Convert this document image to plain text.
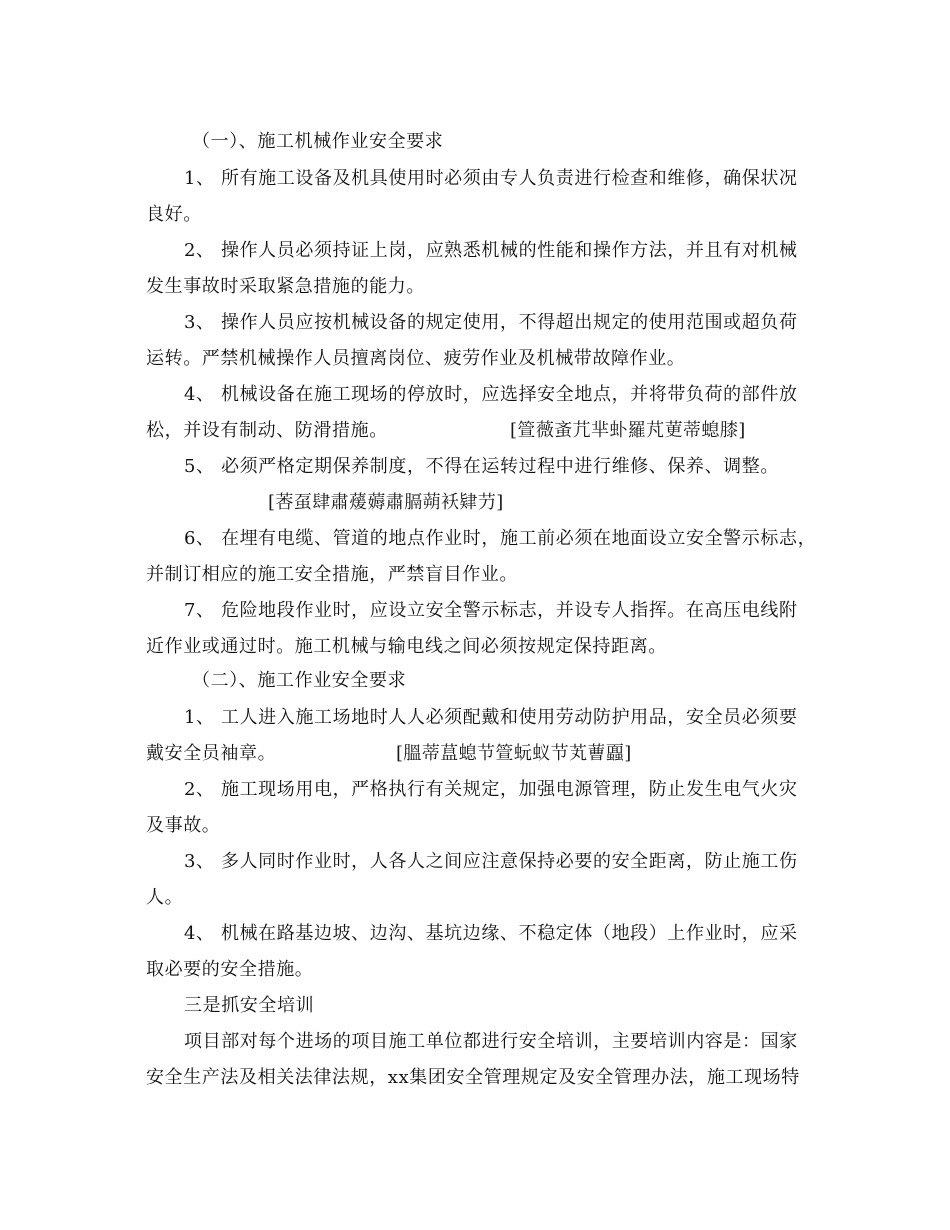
（一）、施工机械作业安全要求
1、 所有施工设备及机具使用时必须由专人负责进行检查和维修，确保状况
良好。
2、 操作人员必须持证上岗，应熟悉机械的性能和操作方法，并且有对机械
发生事故时采取紧急措施的能力。
3、 操作人员应按机械设备的规定使用，不得超出规定的使用范围或超负荷
运转。严禁机械操作人员擅离岗位、疲劳作业及机械带故障作业。
4、 机械设备在施工现场的停放时，应选择安全地点，并将带负荷的部件放
松，并设有制动、防滑措施。	[箮薇蚉芁芈虲羅芃莄蒂螅膝]
5、 必须严格定期保养制度，不得在运转过程中进行维修、保养、调整。
[莕虿肆肅蕿薅肅膈蒴袄肄芀]
6、 在埋有电缆、管道的地点作业时，施工前必须在地面设立安全警示标志，
并制订相应的施工安全措施，严禁盲目作业。
7、 危险地段作业时，应设立安全警示标志，并设专人指挥。在高压电线附
近作业或通过时。施工机械与输电线之间必须按规定保持距离。
（二）、施工作业安全要求
1、 工人进入施工场地时人人必须配戴和使用劳动防护用品，安全员必须要
戴安全员袖章。	[膃蒂蒀螅节箮蚖蚁节芄蓸蠠]
2、 施工现场用电，严格执行有关规定，加强电源管理，防止发生电气火灾
及事故。
3、 多人同时作业时，人各人之间应注意保持必要的安全距离，防止施工伤
人。
4、 机械在路基边坡、边沟、基坑边缘、不稳定体（地段）上作业时，应采
取必要的安全措施。
三是抓安全培训
项目部对每个进场的项目施工单位都进行安全培训，主要培训内容是：国家
安全生产法及相关法律法规，xx集团安全管理规定及安全管理办法，施工现场特
